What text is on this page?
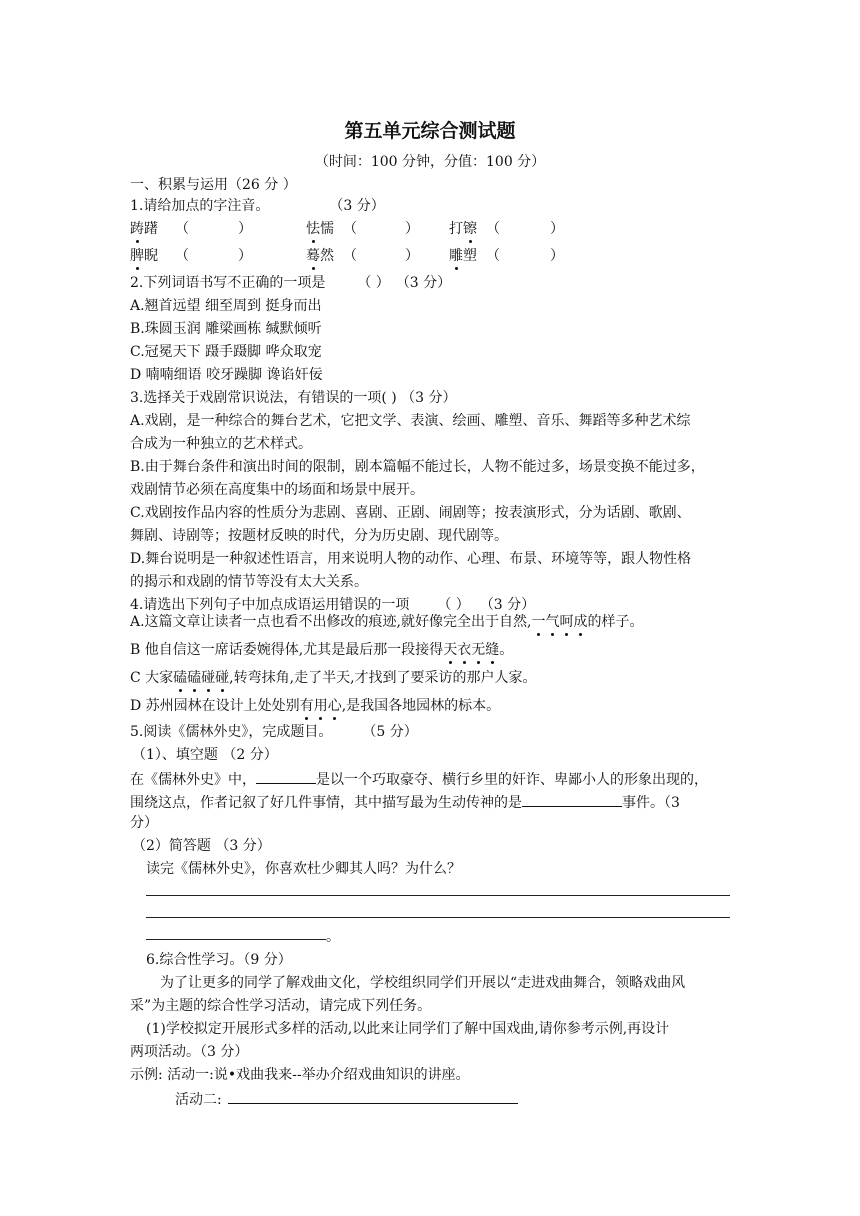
第五单元综合测试题
（时间：100 分钟，分值：100 分）
一、积累与运用（26 分 ）
1.请给加点的字注音。	（3 分）
踌躇 （	）	怯懦 （	） 打镲 （	）
脾睨 （	）	蓦然 （	） 雕塑 （	）
2.下列词语书写不正确的一项是 （ ） （3 分）
A.翘首远望 细至周到 挺身而出
B.珠圆玉润 雕梁画栋 缄默倾听
C.冠冕天下 蹑手蹑脚 哗众取宠
D 喃喃细语 咬牙躁脚 谗谄奸佞
3.选择关于戏剧常识说法，有错误的一项( ) （3 分）
A.戏剧，是一种综合的舞台艺术，它把文学、表演、绘画、雕塑、音乐、舞蹈等多种艺术综
合成为一种独立的艺术样式。
B.由于舞台条件和演出时间的限制，剧本篇幅不能过长，人物不能过多，场景变换不能过多，
戏剧情节必须在高度集中的场面和场景中展开。
C.戏剧按作品内容的性质分为悲剧、喜剧、正剧、闹剧等；按表演形式，分为话剧、歌剧、
舞剧、诗剧等；按题材反映的时代，分为历史剧、现代剧等。
D.舞台说明是一种叙述性语言，用来说明人物的动作、心理、布景、环境等等，跟人物性格
的揭示和戏剧的情节等没有太大关系。
4.请选出下列句子中加点成语运用错误的一项 （ ） （3 分）
A.这篇文章让读者一点也看不出修改的痕迹,就好像完全出于自然,一气呵成的样子。
B 他自信这一席话委婉得体,尤其是最后那一段接得天衣无缝。
C 大家磕磕碰碰,转弯抹角,走了半天,才找到了要采访的那户人家。
D 苏州园林在设计上处处别有用心,是我国各地园林的标本。
5.阅读《儒林外史》，完成题目。 （5 分）
（1）、填空题 （2 分）
在《儒林外史》中，	是以一个巧取豪夺、横行乡里的奸诈、卑鄙小人的形象出现的，
围绕这点，作者记叙了好几件事情，其中描写最为生动传神的是	事件。（3
分）
（2）简答题 （3 分）
读完《儒林外史》，你喜欢杜少卿其人吗？为什么？
。
6.综合性学习。（9 分）
为了让更多的同学了解戏曲文化，学校组织同学们开展以“走进戏曲舞合，领略戏曲风
采”为主题的综合性学习活动，请完成下列任务。
(1)学校拟定开展形式多样的活动,以此来让同学们了解中国戏曲,请你参考示例,再设计
两项活动。（3 分）
示例: 活动一:说•戏曲我来--举办介绍戏曲知识的讲座。
活动二:
